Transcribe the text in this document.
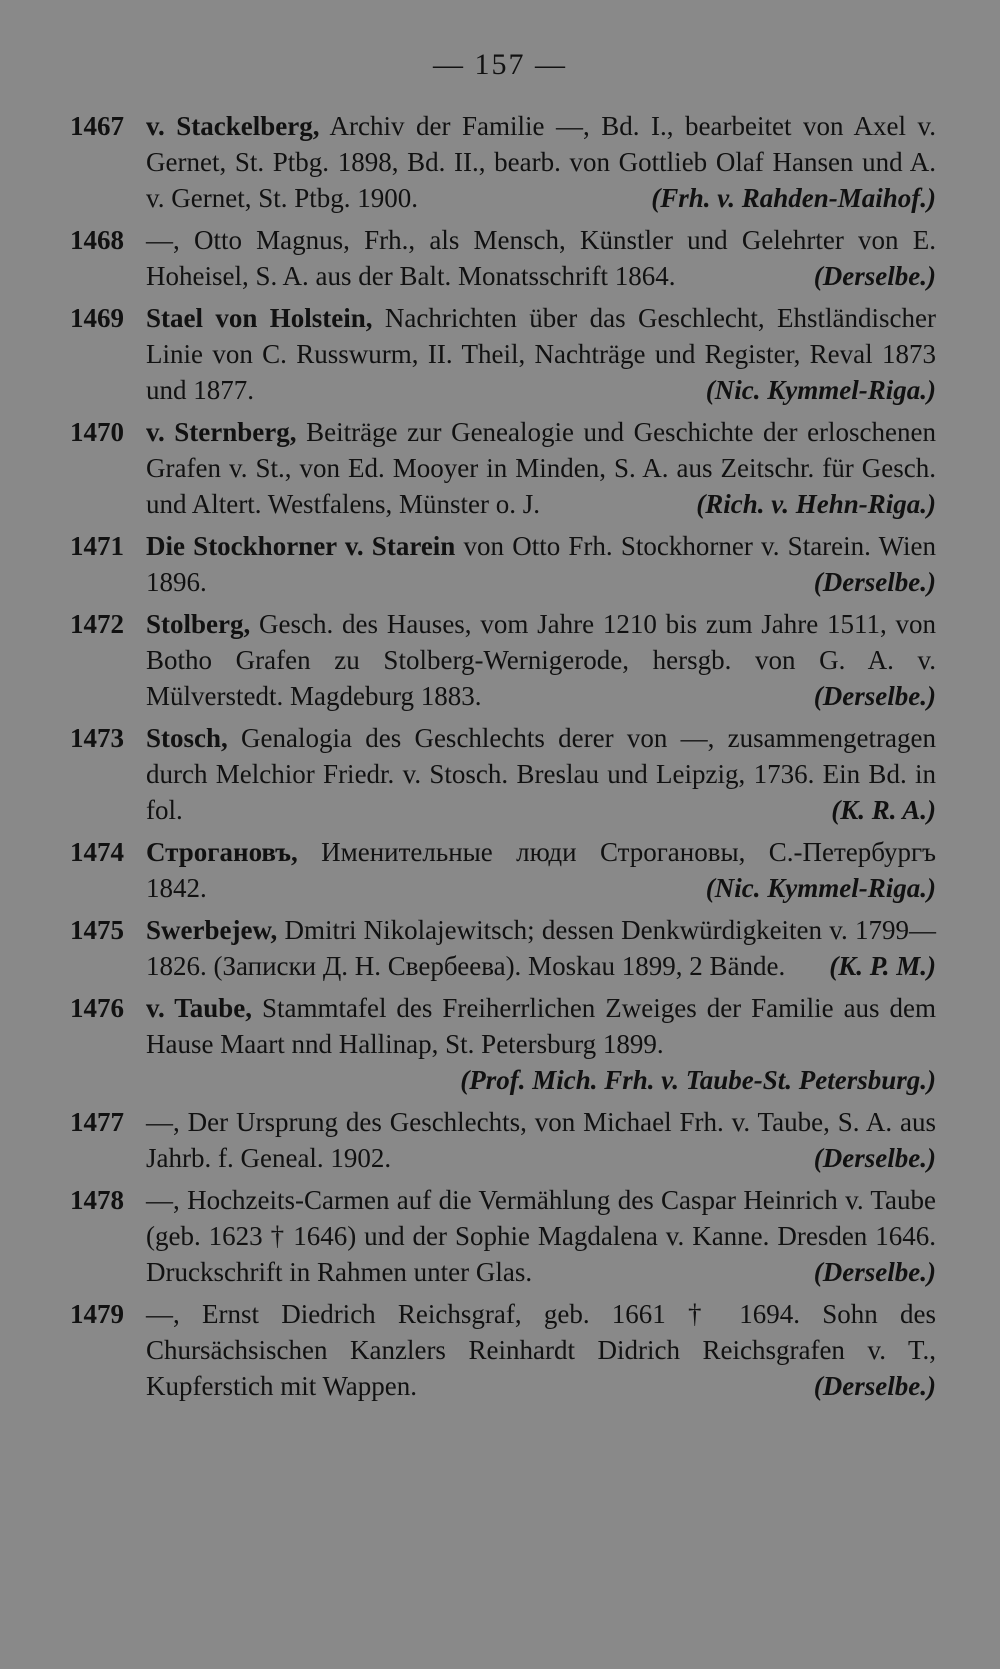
— 157 —
1467 v. Stackelberg, Archiv der Familie —, Bd. I., bearbeitet von Axel v. Gernet, St. Ptbg. 1898, Bd. II., bearb. von Gottlieb Olaf Hansen und A. v. Gernet, St. Ptbg. 1900.	(Frh. v. Rahden-Maihof.)
1468 —, Otto Magnus, Frh., als Mensch, Künstler und Gelehrter von E. Hoheisel, S. A. aus der Balt. Monatsschrift 1864.	(Derselbe.)
1469 Stael von Holstein, Nachrichten über das Geschlecht, Ehstländischer Linie von C. Russwurm, II. Theil, Nachträge und Register, Reval 1873 und 1877.	(Nic. Kymmel-Riga.)
1470 v. Sternberg, Beiträge zur Genealogie und Geschichte der erloschenen Grafen v. St., von Ed. Mooyer in Minden, S. A. aus Zeitschr. für Gesch. und Altert. Westfalens, Münster o. J.	(Rich. v. Hehn-Riga.)
1471 Die Stockhorner v. Starein von Otto Frh. Stockhorner v. Starein. Wien 1896.	(Derselbe.)
1472 Stolberg, Gesch. des Hauses, vom Jahre 1210 bis zum Jahre 1511, von Botho Grafen zu Stolberg-Wernigerode, hersgb. von G. A. v. Mülverstedt. Magdeburg 1883.	(Derselbe.)
1473 Stosch, Genalogia des Geschlechts derer von —, zusammengetragen durch Melchior Friedr. v. Stosch. Breslau und Leipzig, 1736. Ein Bd. in fol.	(K. R. A.)
1474 Строгановъ, Именительные люди Строгановы, С.-Петербургъ 1842.	(Nic. Kymmel-Riga.)
1475 Swerbejew, Dmitri Nikolajewitsch; dessen Denkwürdigkeiten v. 1799—1826. (Записки Д. Н. Свербеева). Moskau 1899, 2 Bände.	(K. P. M.)
1476 v. Taube, Stammtafel des Freiherrlichen Zweiges der Familie aus dem Hause Maart nnd Hallinap, St. Petersburg 1899.
(Prof. Mich. Frh. v. Taube-St. Petersburg.)
1477 —, Der Ursprung des Geschlechts, von Michael Frh. v. Taube, S. A. aus Jahrb. f. Geneal. 1902.	(Derselbe.)
1478 —, Hochzeits-Carmen auf die Vermählung des Caspar Heinrich v. Taube (geb. 1623 † 1646) und der Sophie Magdalena v. Kanne. Dresden 1646. Druckschrift in Rahmen unter Glas.	(Derselbe.)
1479 —, Ernst Diedrich Reichsgraf, geb. 1661 † 1694. Sohn des Chursächsischen Kanzlers Reinhardt Didrich Reichsgrafen v. T., Kupferstich mit Wappen.	(Derselbe.)
